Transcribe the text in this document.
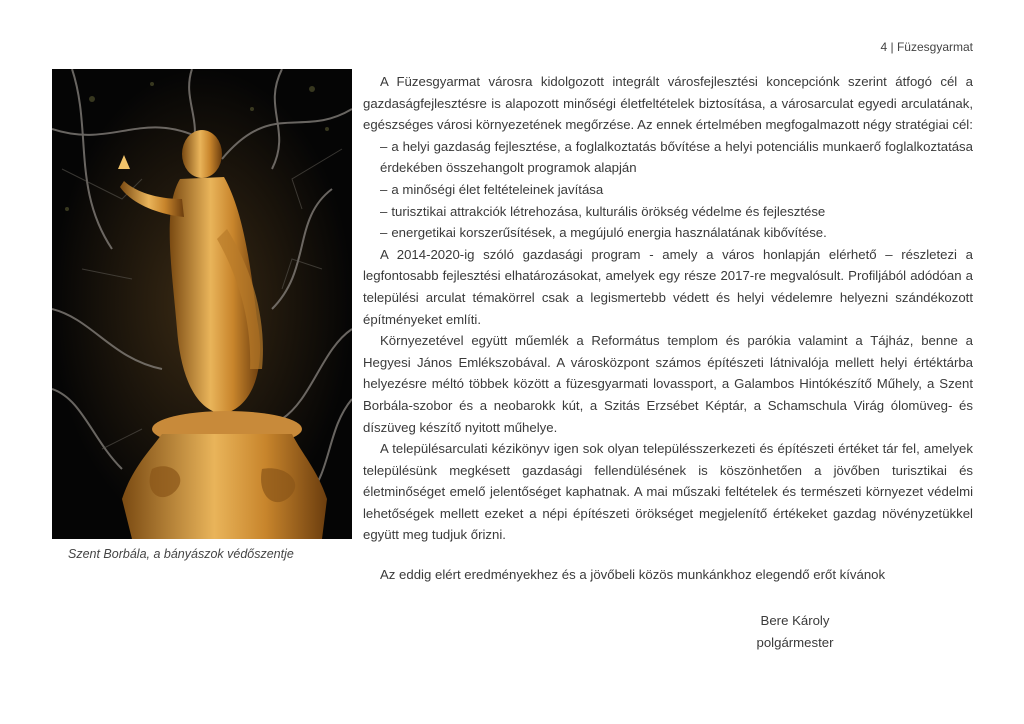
4 | Füzesgyarmat
Szent Borbála, a bányászok védőszentje

A Füzesgyarmat városra kidolgozott integrált városfejlesztési koncepciónk szerint átfogó cél a gazdaságfejlesztésre is alapozott minőségi életfeltételek biztosítása, a városarculat egyedi arculatának, egészséges városi környezetének megőrzése. Az ennek értelmében megfogalmazott négy stratégiai cél:

– a helyi gazdaság fejlesztése, a foglalkoztatás bővítése a helyi potenciális munkaerő foglalkoztatása érdekében összehangolt programok alapján

– a minőségi élet feltételeinek javítása

– turisztikai attrakciók létrehozása, kulturális örökség védelme és fejlesztése

– energetikai korszerűsítések, a megújuló energia használatának kibővítése.

A 2014-2020-ig szóló gazdasági program - amely a város honlapján elérhető – részletezi a legfontosabb fejlesztési elhatározásokat, amelyek egy része 2017-re megvalósult. Profiljából adódóan a települési arculat témakörrel csak a legismertebb védett és helyi védelemre helyezni szándékozott építményeket említi.

Környezetével együtt műemlék a Református templom és parókia valamint a Tájház, benne a Hegyesi János Emlékszobával. A városközpont számos építészeti látnivalója mellett helyi értéktárba helyezésre méltó többek között a füzesgyarmati lovassport, a Galambos Hintókészítő Műhely, a Szent Borbála-szobor és a neobarokk kút, a Szitás Erzsébet Képtár, a Schamschula Virág ólomüveg- és díszüveg készítő nyitott műhelye.

A településarculati kézikönyv igen sok olyan településszerkezeti és építészeti értéket tár fel, amelyek településünk megkésett gazdasági fellendülésének is köszönhetően a jövőben turisztikai és életminőséget emelő jelentőséget kaphatnak. A mai műszaki feltételek és természeti környezet védelmi lehetőségek mellett ezeket a népi építészeti örökséget megjelenítő értékeket gazdag növényzetükkel együtt meg tudjuk őrizni.

Az eddig elért eredményekhez és a jövőbeli közös munkánkhoz elegendő erőt kívánok
Bere Károly
polgármester
